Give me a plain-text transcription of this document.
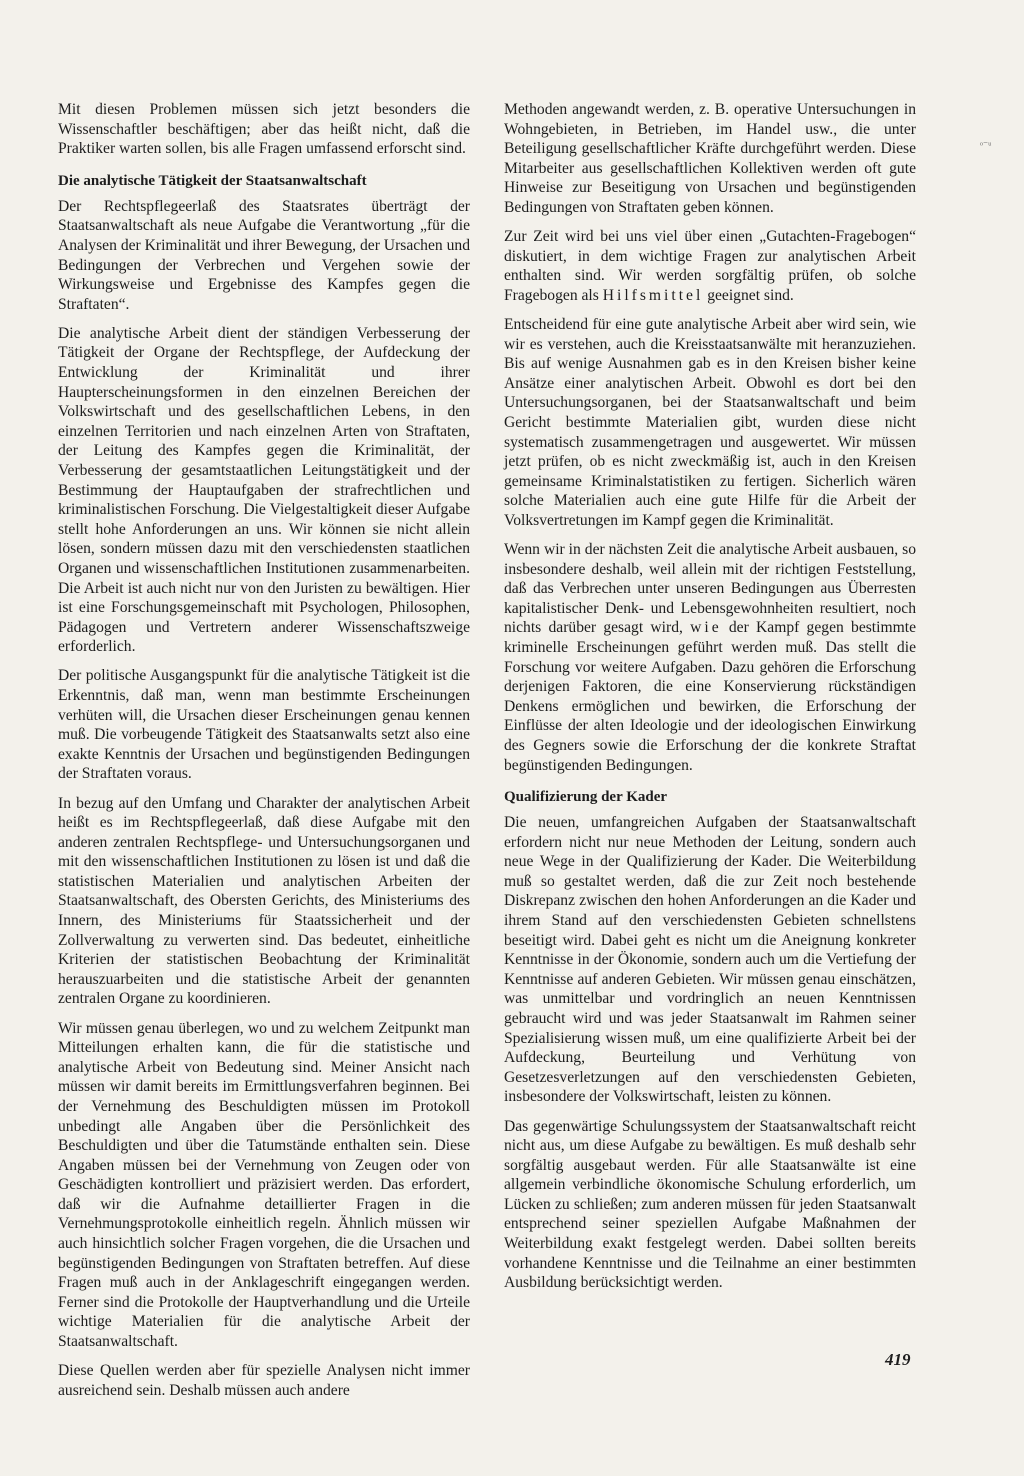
Mit diesen Problemen müssen sich jetzt besonders die Wissenschaftler beschäftigen; aber das heißt nicht, daß die Praktiker warten sollen, bis alle Fragen umfassend erforscht sind.

Die analytische Tätigkeit der Staatsanwaltschaft

Der Rechtspflegeerlaß des Staatsrates überträgt der Staatsanwaltschaft als neue Aufgabe die Verantwortung „für die Analysen der Kriminalität und ihrer Bewegung, der Ursachen und Bedingungen der Verbrechen und Vergehen sowie der Wirkungsweise und Ergebnisse des Kampfes gegen die Straftaten“.

Die analytische Arbeit dient der ständigen Verbesserung der Tätigkeit der Organe der Rechtspflege, der Aufdeckung der Entwicklung der Kriminalität und ihrer Haupterscheinungsformen in den einzelnen Bereichen der Volkswirtschaft und des gesellschaftlichen Lebens, in den einzelnen Territorien und nach einzelnen Arten von Straftaten, der Leitung des Kampfes gegen die Kriminalität, der Verbesserung der gesamtstaatlichen Leitungstätigkeit und der Bestimmung der Hauptaufgaben der strafrechtlichen und kriminalistischen Forschung. Die Vielgestaltigkeit dieser Aufgabe stellt hohe Anforderungen an uns. Wir können sie nicht allein lösen, sondern müssen dazu mit den verschiedensten staatlichen Organen und wissenschaftlichen Institutionen zusammenarbeiten. Die Arbeit ist auch nicht nur von den Juristen zu bewältigen. Hier ist eine Forschungsgemeinschaft mit Psychologen, Philosophen, Pädagogen und Vertretern anderer Wissenschaftszweige erforderlich.

Der politische Ausgangspunkt für die analytische Tätigkeit ist die Erkenntnis, daß man, wenn man bestimmte Erscheinungen verhüten will, die Ursachen dieser Erscheinungen genau kennen muß. Die vorbeugende Tätigkeit des Staatsanwalts setzt also eine exakte Kenntnis der Ursachen und begünstigenden Bedingungen der Straftaten voraus.

In bezug auf den Umfang und Charakter der analytischen Arbeit heißt es im Rechtspflegeerlaß, daß diese Aufgabe mit den anderen zentralen Rechtspflege- und Untersuchungsorganen und mit den wissenschaftlichen Institutionen zu lösen ist und daß die statistischen Materialien und analytischen Arbeiten der Staatsanwaltschaft, des Obersten Gerichts, des Ministeriums des Innern, des Ministeriums für Staatssicherheit und der Zollverwaltung zu verwerten sind. Das bedeutet, einheitliche Kriterien der statistischen Beobachtung der Kriminalität herauszuarbeiten und die statistische Arbeit der genannten zentralen Organe zu koordinieren.

Wir müssen genau überlegen, wo und zu welchem Zeitpunkt man Mitteilungen erhalten kann, die für die statistische und analytische Arbeit von Bedeutung sind. Meiner Ansicht nach müssen wir damit bereits im Ermittlungsverfahren beginnen. Bei der Vernehmung des Beschuldigten müssen im Protokoll unbedingt alle Angaben über die Persönlichkeit des Beschuldigten und über die Tatumstände enthalten sein. Diese Angaben müssen bei der Vernehmung von Zeugen oder von Geschädigten kontrolliert und präzisiert werden. Das erfordert, daß wir die Aufnahme detaillierter Fragen in die Vernehmungsprotokolle einheitlich regeln. Ähnlich müssen wir auch hinsichtlich solcher Fragen vorgehen, die die Ursachen und begünstigenden Bedingungen von Straftaten betreffen. Auf diese Fragen muß auch in der Anklageschrift eingegangen werden. Ferner sind die Protokolle der Hauptverhandlung und die Urteile wichtige Materialien für die analytische Arbeit der Staatsanwaltschaft.

Diese Quellen werden aber für spezielle Analysen nicht immer ausreichend sein. Deshalb müssen auch andere

Methoden angewandt werden, z. B. operative Untersuchungen in Wohngebieten, in Betrieben, im Handel usw., die unter Beteiligung gesellschaftlicher Kräfte durchgeführt werden. Diese Mitarbeiter aus gesellschaftlichen Kollektiven werden oft gute Hinweise zur Beseitigung von Ursachen und begünstigenden Bedingungen von Straftaten geben können.

Zur Zeit wird bei uns viel über einen „Gutachten-Fragebogen“ diskutiert, in dem wichtige Fragen zur analytischen Arbeit enthalten sind. Wir werden sorgfältig prüfen, ob solche Fragebogen als Hilfsmittel geeignet sind.

Entscheidend für eine gute analytische Arbeit aber wird sein, wie wir es verstehen, auch die Kreisstaatsanwälte mit heranzuziehen. Bis auf wenige Ausnahmen gab es in den Kreisen bisher keine Ansätze einer analytischen Arbeit. Obwohl es dort bei den Untersuchungsorganen, bei der Staatsanwaltschaft und beim Gericht bestimmte Materialien gibt, wurden diese nicht systematisch zusammengetragen und ausgewertet. Wir müssen jetzt prüfen, ob es nicht zweckmäßig ist, auch in den Kreisen gemeinsame Kriminalstatistiken zu fertigen. Sicherlich wären solche Materialien auch eine gute Hilfe für die Arbeit der Volksvertretungen im Kampf gegen die Kriminalität.

Wenn wir in der nächsten Zeit die analytische Arbeit ausbauen, so insbesondere deshalb, weil allein mit der richtigen Feststellung, daß das Verbrechen unter unseren Bedingungen aus Überresten kapitalistischer Denk- und Lebensgewohnheiten resultiert, noch nichts darüber gesagt wird, wie der Kampf gegen bestimmte kriminelle Erscheinungen geführt werden muß. Das stellt die Forschung vor weitere Aufgaben. Dazu gehören die Erforschung derjenigen Faktoren, die eine Konservierung rückständigen Denkens ermöglichen und bewirken, die Erforschung der Einflüsse der alten Ideologie und der ideologischen Einwirkung des Gegners sowie die Erforschung der die konkrete Straftat begünstigenden Bedingungen.

Qualifizierung der Kader

Die neuen, umfangreichen Aufgaben der Staatsanwaltschaft erfordern nicht nur neue Methoden der Leitung, sondern auch neue Wege in der Qualifizierung der Kader. Die Weiterbildung muß so gestaltet werden, daß die zur Zeit noch bestehende Diskrepanz zwischen den hohen Anforderungen an die Kader und ihrem Stand auf den verschiedensten Gebieten schnellstens beseitigt wird. Dabei geht es nicht um die Aneignung konkreter Kenntnisse in der Ökonomie, sondern auch um die Vertiefung der Kenntnisse auf anderen Gebieten. Wir müssen genau einschätzen, was unmittelbar und vordringlich an neuen Kenntnissen gebraucht wird und was jeder Staatsanwalt im Rahmen seiner Spezialisierung wissen muß, um eine qualifizierte Arbeit bei der Aufdeckung, Beurteilung und Verhütung von Gesetzesverletzungen auf den verschiedensten Gebieten, insbesondere der Volkswirtschaft, leisten zu können.

Das gegenwärtige Schulungssystem der Staatsanwaltschaft reicht nicht aus, um diese Aufgabe zu bewältigen. Es muß deshalb sehr sorgfältig ausgebaut werden. Für alle Staatsanwälte ist eine allgemein verbindliche ökonomische Schulung erforderlich, um Lücken zu schließen; zum anderen müssen für jeden Staatsanwalt entsprechend seiner speziellen Aufgabe Maßnahmen der Weiterbildung exakt festgelegt werden. Dabei sollten bereits vorhandene Kenntnisse und die Teilnahme an einer bestimmten Ausbildung berücksichtigt werden.

ᵒ⁻ᵘ
419
